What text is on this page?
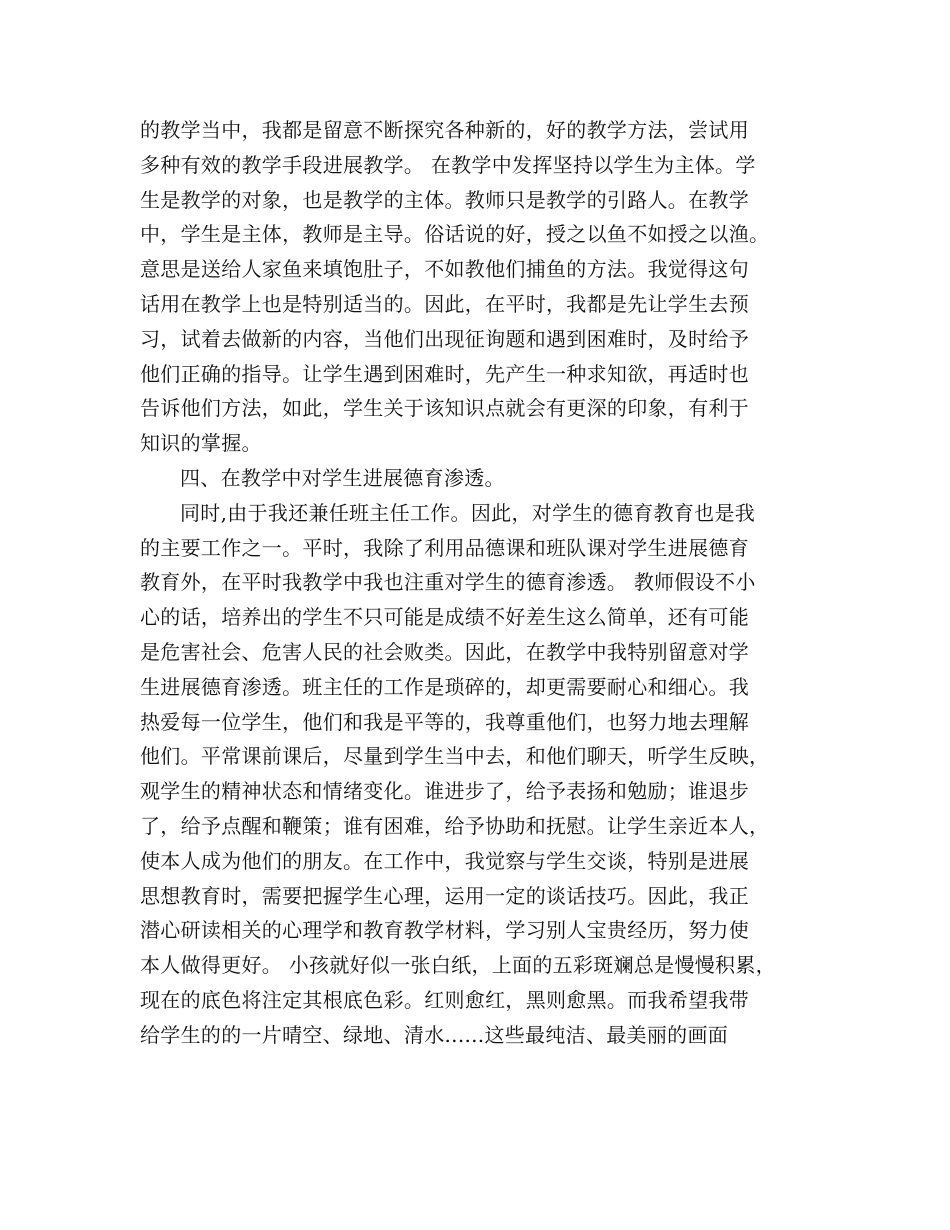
的教学当中，我都是留意不断探究各种新的，好的教学方法，尝试用
多种有效的教学手段进展教学。 在教学中发挥坚持以学生为主体。学
生是教学的对象，也是教学的主体。教师只是教学的引路人。在教学
中，学生是主体，教师是主导。俗话说的好，授之以鱼不如授之以渔。
意思是送给人家鱼来填饱肚子，不如教他们捕鱼的方法。我觉得这句
话用在教学上也是特别适当的。因此，在平时，我都是先让学生去预
习，试着去做新的内容，当他们出现征询题和遇到困难时，及时给予
他们正确的指导。让学生遇到困难时，先产生一种求知欲，再适时也
告诉他们方法，如此，学生关于该知识点就会有更深的印象，有利于
知识的掌握。
四、在教学中对学生进展德育渗透。
同时,由于我还兼任班主任工作。因此，对学生的德育教育也是我
的主要工作之一。平时，我除了利用品德课和班队课对学生进展德育
教育外，在平时我教学中我也注重对学生的德育渗透。 教师假设不小
心的话，培养出的学生不只可能是成绩不好差生这么简单，还有可能
是危害社会、危害人民的社会败类。因此，在教学中我特别留意对学
生进展德育渗透。班主任的工作是琐碎的，却更需要耐心和细心。我
热爱每一位学生，他们和我是平等的，我尊重他们，也努力地去理解
他们。平常课前课后，尽量到学生当中去，和他们聊天，听学生反映，
观学生的精神状态和情绪变化。谁进步了，给予表扬和勉励；谁退步
了，给予点醒和鞭策；谁有困难，给予协助和抚慰。让学生亲近本人，
使本人成为他们的朋友。在工作中，我觉察与学生交谈，特别是进展
思想教育时，需要把握学生心理，运用一定的谈话技巧。因此，我正
潜心研读相关的心理学和教育教学材料，学习别人宝贵经历，努力使
本人做得更好。 小孩就好似一张白纸，上面的五彩斑斓总是慢慢积累，
现在的底色将注定其根底色彩。红则愈红，黑则愈黑。而我希望我带
给学生的的一片晴空、绿地、清水......这些最纯洁、最美丽的画面
